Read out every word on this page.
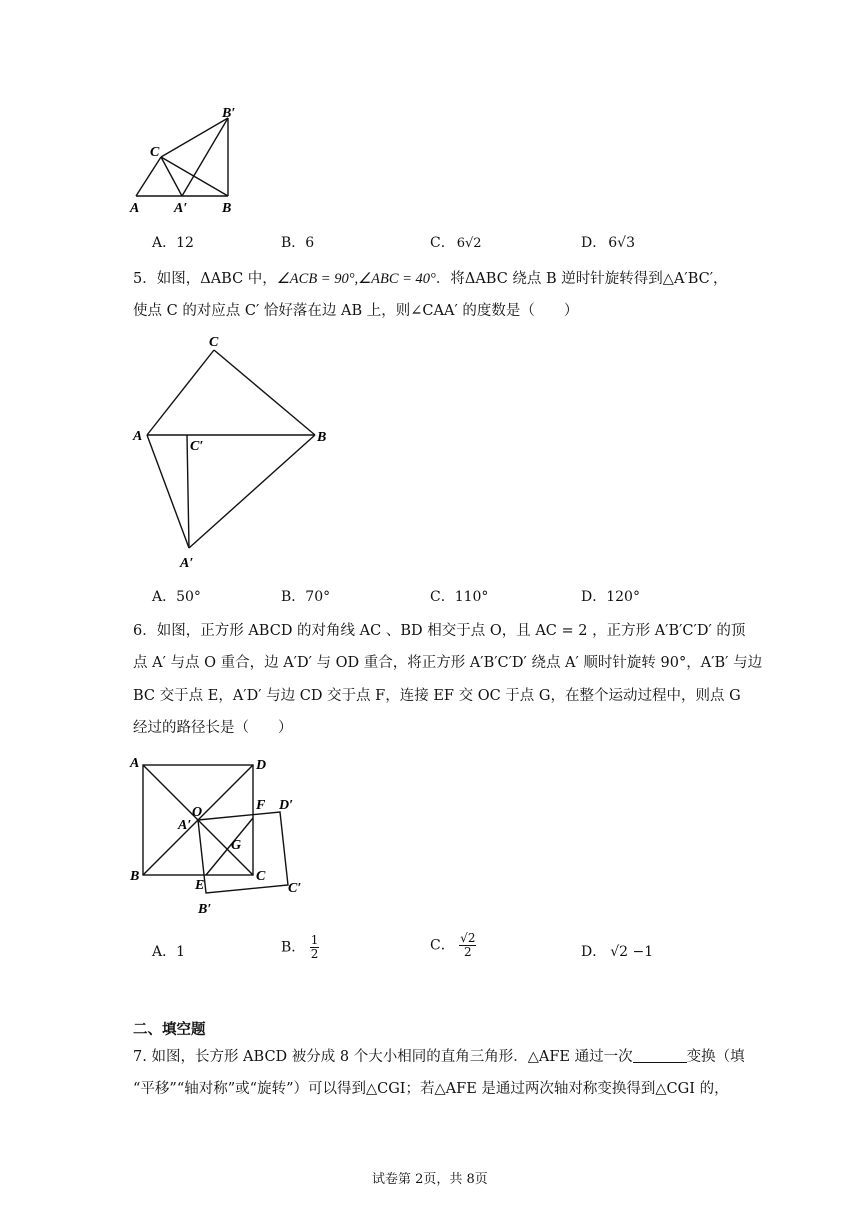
B′
C
A A′ B
A．12	B．6	C． 6√2	D． 6√3
5．如图，ΔABC 中，∠ACB = 90°,∠ABC = 40°．将ΔABC 绕点 B 逆时针旋转得到△A′BC′，
使点 C 的对应点 C′ 恰好落在边 AB 上，则∠CAA′ 的度数是（　　）
C
A
C′
B
A′
A．50°	B．70°	C．110°	D．120°
6．如图，正方形 ABCD 的对角线 AC 、BD 相交于点 O，且 AC = 2 ，正方形 A′B′C′D′ 的顶
点 A′ 与点 O 重合，边 A′D′ 与 OD 重合，将正方形 A′B′C′D′ 绕点 A′ 顺时针旋转 90°，A′B′ 与边
BC 交于点 E，A′D′ 与边 CD 交于点 F，连接 EF 交 OC 于点 G，在整个运动过程中，则点 G
经过的路径长是（　　）
A	D
O	F D′
A′
G
B
E
C
C′
B′
A．1	B． $\frac{1}{2}$	C． $\frac{√2}{2}$	D． √2 −1
二、填空题
7. 如图，长方形 ABCD 被分成 8 个大小相同的直角三角形．△AFE 通过一次	变换（填
“平移”“轴对称”或“旋转”）可以得到△CGI；若△AFE 是通过两次轴对称变换得到△CGI 的，
试卷第 2页，共 8页
